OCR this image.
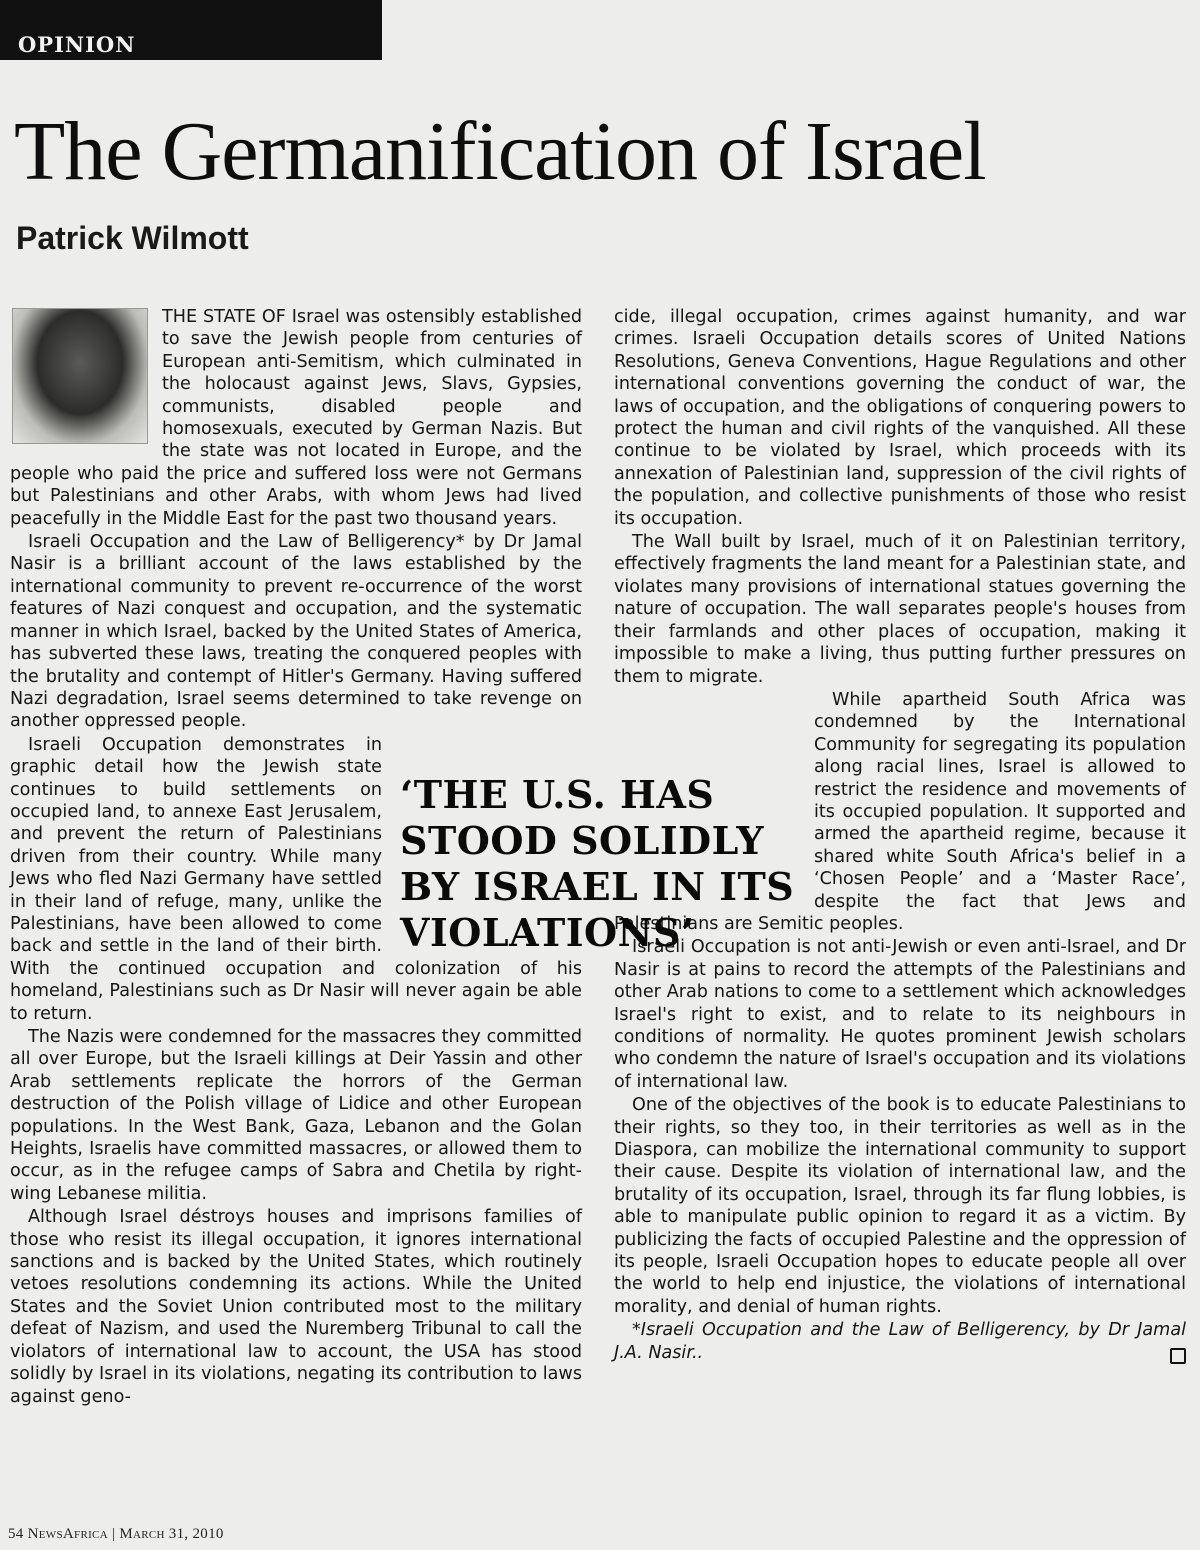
OPINION
The Germanification of Israel
Patrick Wilmott

THE STATE OF Israel was ostensibly established to save the Jewish people from centuries of European anti-Semitism, which culminated in the holocaust against Jews, Slavs, Gypsies, communists, disabled people and homosexuals, executed by German Nazis. But the state was not located in Europe, and the people who paid the price and suffered loss were not Germans but Palestinians and other Arabs, with whom Jews had lived peacefully in the Middle East for the past two thousand years.

Israeli Occupation and the Law of Belligerency* by Dr Jamal Nasir is a brilliant account of the laws established by the international community to prevent re-occurrence of the worst features of Nazi conquest and occupation, and the systematic manner in which Israel, backed by the United States of America, has subverted these laws, treating the conquered peoples with the brutality and contempt of Hitler's Germany. Having suffered Nazi degradation, Israel seems determined to take revenge on another oppressed people.

Israeli Occupation demonstrates in graphic detail how the Jewish state continues to build settlements on occupied land, to annexe East Jerusalem, and prevent the return of Palestinians driven from their country. While many Jews who fled Nazi Germany have settled in their land of refuge, many, unlike the Palestinians, have been allowed to come back and settle in the land of their birth. With the continued occupation and colonization of his homeland, Palestinians such as Dr Nasir will never again be able to return.

The Nazis were condemned for the massacres they committed all over Europe, but the Israeli killings at Deir Yassin and other Arab settlements replicate the horrors of the German destruction of the Polish village of Lidice and other European populations. In the West Bank, Gaza, Lebanon and the Golan Heights, Israelis have committed massacres, or allowed them to occur, as in the refugee camps of Sabra and Chetila by right-wing Lebanese militia.

Although Israel déstroys houses and imprisons families of those who resist its illegal occupation, it ignores international sanctions and is backed by the United States, which routinely vetoes resolutions condemning its actions. While the United States and the Soviet Union contributed most to the military defeat of Nazism, and used the Nuremberg Tribunal to call the violators of international law to account, the USA has stood solidly by Israel in its violations, negating its contribution to laws against geno-

cide, illegal occupation, crimes against humanity, and war crimes. Israeli Occupation details scores of United Nations Resolutions, Geneva Conventions, Hague Regulations and other international conventions governing the conduct of war, the laws of occupation, and the obligations of conquering powers to protect the human and civil rights of the vanquished. All these continue to be violated by Israel, which proceeds with its annexation of Palestinian land, suppression of the civil rights of the population, and collective punishments of those who resist its occupation.

The Wall built by Israel, much of it on Palestinian territory, effectively fragments the land meant for a Palestinian state, and violates many provisions of international statues governing the nature of occupation. The wall separates people's houses from their farmlands and other places of occupation, making it impossible to make a living, thus putting further pressures on them to migrate.

While apartheid South Africa was condemned by the International Community for segregating its population along racial lines, Israel is allowed to restrict the residence and movements of its occupied population. It supported and armed the apartheid regime, because it shared white South Africa's belief in a ‘Chosen People’ and a ‘Master Race’, despite the fact that Jews and Palestinians are Semitic peoples.

Israeli Occupation is not anti-Jewish or even anti-Israel, and Dr Nasir is at pains to record the attempts of the Palestinians and other Arab nations to come to a settlement which acknowledges Israel's right to exist, and to relate to its neighbours in conditions of normality. He quotes prominent Jewish scholars who condemn the nature of Israel's occupation and its violations of international law.

One of the objectives of the book is to educate Palestinians to their rights, so they too, in their territories as well as in the Diaspora, can mobilize the international community to support their cause. Despite its violation of international law, and the brutality of its occupation, Israel, through its far flung lobbies, is able to manipulate public opinion to regard it as a victim. By publicizing the facts of occupied Palestine and the oppression of its people, Israeli Occupation hopes to educate people all over the world to help end injustice, the violations of international morality, and denial of human rights.

*Israeli Occupation and the Law of Belligerency, by Dr Jamal J.A. Nasir..

‘THE U.S. HAS STOOD SOLIDLY BY ISRAEL IN ITS VIOLATIONS’
54 NewsAfrica | March 31, 2010
